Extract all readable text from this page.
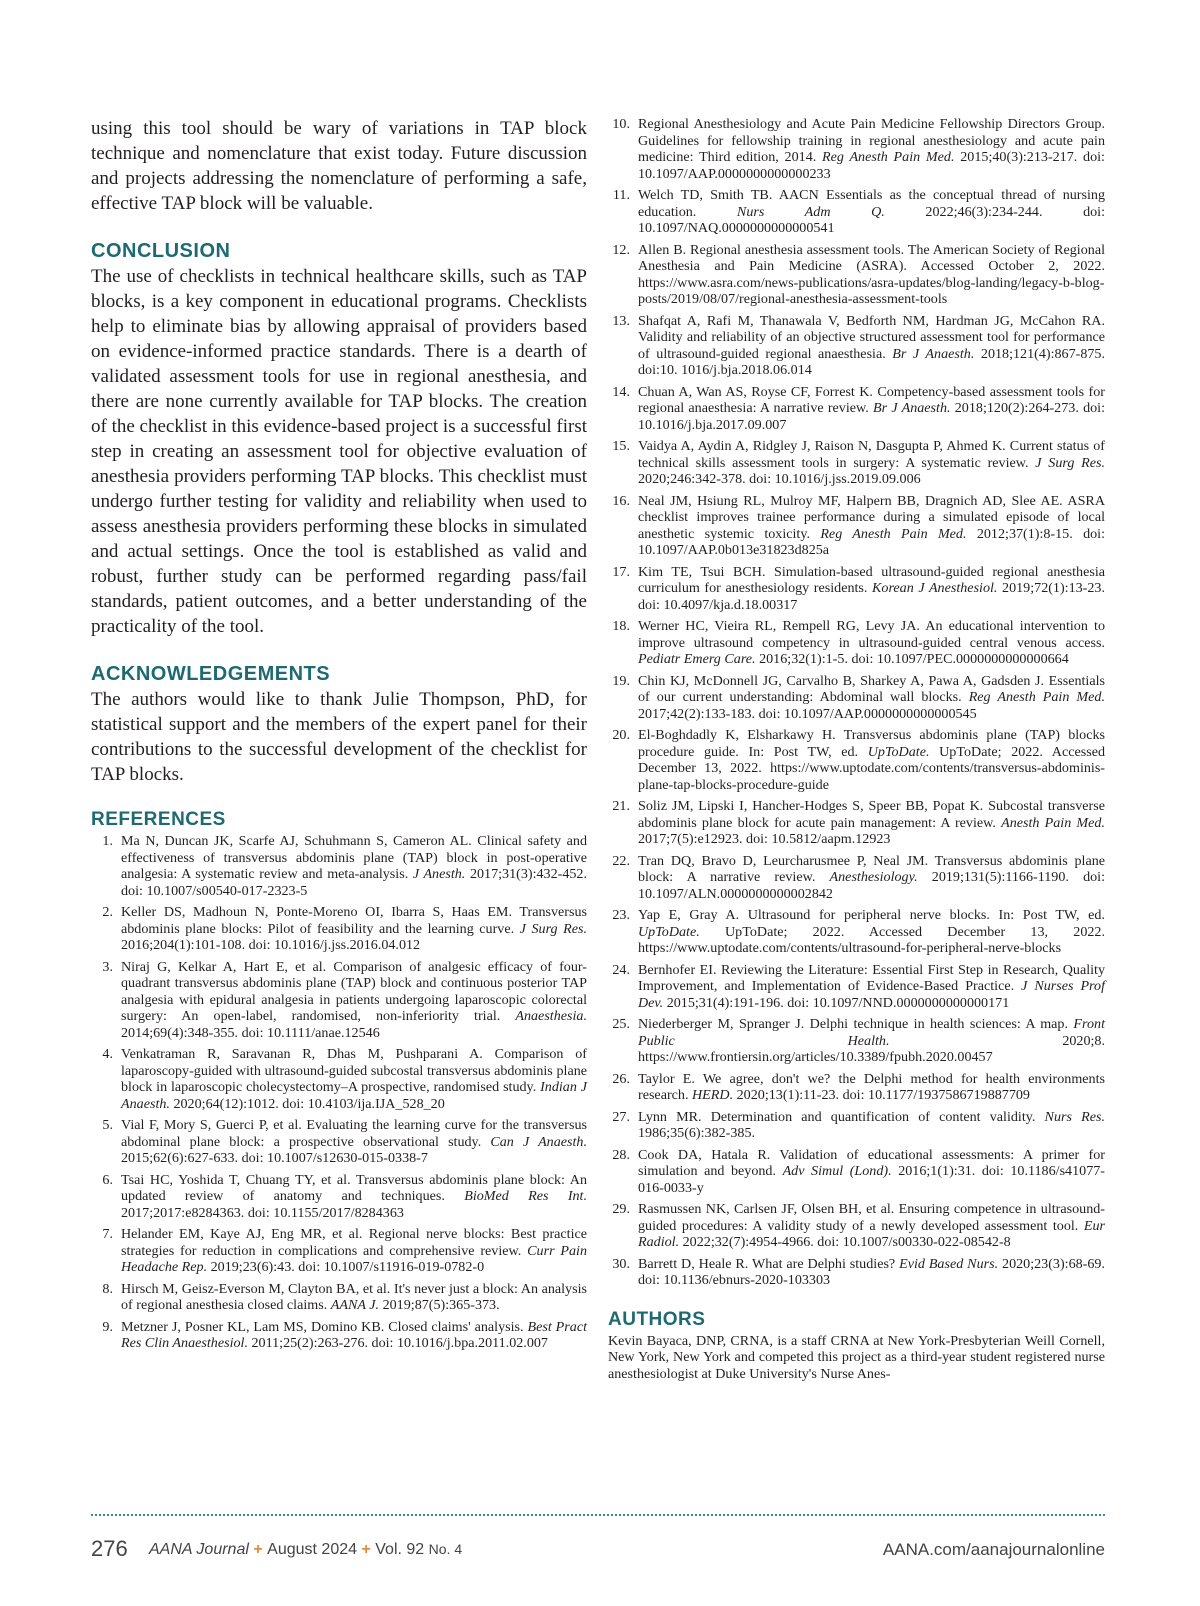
using this tool should be wary of variations in TAP block technique and nomenclature that exist today. Future discussion and projects addressing the nomenclature of performing a safe, effective TAP block will be valuable.

CONCLUSION

The use of checklists in technical healthcare skills, such as TAP blocks, is a key component in educational programs. Checklists help to eliminate bias by allowing appraisal of providers based on evidence-informed practice standards. There is a dearth of validated assessment tools for use in regional anesthesia, and there are none currently available for TAP blocks. The creation of the checklist in this evidence-based project is a successful first step in creating an assessment tool for objective evaluation of anesthesia providers performing TAP blocks. This checklist must undergo further testing for validity and reliability when used to assess anesthesia providers performing these blocks in simulated and actual settings. Once the tool is established as valid and robust, further study can be performed regarding pass/fail standards, patient outcomes, and a better understanding of the practicality of the tool.

ACKNOWLEDGEMENTS

The authors would like to thank Julie Thompson, PhD, for statistical support and the members of the expert panel for their contributions to the successful development of the checklist for TAP blocks.

REFERENCES
1. Ma N, Duncan JK, Scarfe AJ, Schuhmann S, Cameron AL. Clinical safety and effectiveness of transversus abdominis plane (TAP) block in post-operative analgesia: A systematic review and meta-analysis. J Anesth. 2017;31(3):432-452. doi: 10.1007/s00540-017-2323-5
2. Keller DS, Madhoun N, Ponte-Moreno OI, Ibarra S, Haas EM. Transversus abdominis plane blocks: Pilot of feasibility and the learning curve. J Surg Res. 2016;204(1):101-108. doi: 10.1016/j.jss.2016.04.012
3. Niraj G, Kelkar A, Hart E, et al. Comparison of analgesic efficacy of four-quadrant transversus abdominis plane (TAP) block and continuous posterior TAP analgesia with epidural analgesia in patients undergoing laparoscopic colorectal surgery: An open-label, randomised, non-inferiority trial. Anaesthesia. 2014;69(4):348-355. doi: 10.1111/anae.12546
4. Venkatraman R, Saravanan R, Dhas M, Pushparani A. Comparison of laparoscopy-guided with ultrasound-guided subcostal transversus abdominis plane block in laparoscopic cholecystectomy–A prospective, randomised study. Indian J Anaesth. 2020;64(12):1012. doi: 10.4103/ija.IJA_528_20
5. Vial F, Mory S, Guerci P, et al. Evaluating the learning curve for the transversus abdominal plane block: a prospective observational study. Can J Anaesth. 2015;62(6):627-633. doi: 10.1007/s12630-015-0338-7
6. Tsai HC, Yoshida T, Chuang TY, et al. Transversus abdominis plane block: An updated review of anatomy and techniques. BioMed Res Int. 2017;2017:e8284363. doi: 10.1155/2017/8284363
7. Helander EM, Kaye AJ, Eng MR, et al. Regional nerve blocks: Best practice strategies for reduction in complications and comprehensive review. Curr Pain Headache Rep. 2019;23(6):43. doi: 10.1007/s11916-019-0782-0
8. Hirsch M, Geisz-Everson M, Clayton BA, et al. It's never just a block: An analysis of regional anesthesia closed claims. AANA J. 2019;87(5):365-373.
9. Metzner J, Posner KL, Lam MS, Domino KB. Closed claims' analysis. Best Pract Res Clin Anaesthesiol. 2011;25(2):263-276. doi: 10.1016/j.bpa.2011.02.007
10. Regional Anesthesiology and Acute Pain Medicine Fellowship Directors Group. Guidelines for fellowship training in regional anesthesiology and acute pain medicine: Third edition, 2014. Reg Anesth Pain Med. 2015;40(3):213-217. doi: 10.1097/AAP.0000000000000233
11. Welch TD, Smith TB. AACN Essentials as the conceptual thread of nursing education. Nurs Adm Q. 2022;46(3):234-244. doi: 10.1097/NAQ.0000000000000541
12. Allen B. Regional anesthesia assessment tools. The American Society of Regional Anesthesia and Pain Medicine (ASRA). Accessed October 2, 2022. https://www.asra.com/news-publications/asra-updates/blog-landing/legacy-b-blog-posts/2019/08/07/regional-anesthesia-assessment-tools
13. Shafqat A, Rafi M, Thanawala V, Bedforth NM, Hardman JG, McCahon RA. Validity and reliability of an objective structured assessment tool for performance of ultrasound-guided regional anaesthesia. Br J Anaesth. 2018;121(4):867-875. doi:10. 1016/j.bja.2018.06.014
14. Chuan A, Wan AS, Royse CF, Forrest K. Competency-based assessment tools for regional anaesthesia: A narrative review. Br J Anaesth. 2018;120(2):264-273. doi: 10.1016/j.bja.2017.09.007
15. Vaidya A, Aydin A, Ridgley J, Raison N, Dasgupta P, Ahmed K. Current status of technical skills assessment tools in surgery: A systematic review. J Surg Res. 2020;246:342-378. doi: 10.1016/j.jss.2019.09.006
16. Neal JM, Hsiung RL, Mulroy MF, Halpern BB, Dragnich AD, Slee AE. ASRA checklist improves trainee performance during a simulated episode of local anesthetic systemic toxicity. Reg Anesth Pain Med. 2012;37(1):8-15. doi: 10.1097/AAP.0b013e31823d825a
17. Kim TE, Tsui BCH. Simulation-based ultrasound-guided regional anesthesia curriculum for anesthesiology residents. Korean J Anesthesiol. 2019;72(1):13-23. doi: 10.4097/kja.d.18.00317
18. Werner HC, Vieira RL, Rempell RG, Levy JA. An educational intervention to improve ultrasound competency in ultrasound-guided central venous access. Pediatr Emerg Care. 2016;32(1):1-5. doi: 10.1097/PEC.0000000000000664
19. Chin KJ, McDonnell JG, Carvalho B, Sharkey A, Pawa A, Gadsden J. Essentials of our current understanding: Abdominal wall blocks. Reg Anesth Pain Med. 2017;42(2):133-183. doi: 10.1097/AAP.0000000000000545
20. El-Boghdadly K, Elsharkawy H. Transversus abdominis plane (TAP) blocks procedure guide. In: Post TW, ed. UpToDate. UpToDate; 2022. Accessed December 13, 2022. https://www.uptodate.com/contents/transversus-abdominis-plane-tap-blocks-procedure-guide
21. Soliz JM, Lipski I, Hancher-Hodges S, Speer BB, Popat K. Subcostal transverse abdominis plane block for acute pain management: A review. Anesth Pain Med. 2017;7(5):e12923. doi: 10.5812/aapm.12923
22. Tran DQ, Bravo D, Leurcharusmee P, Neal JM. Transversus abdominis plane block: A narrative review. Anesthesiology. 2019;131(5):1166-1190. doi: 10.1097/ALN.0000000000002842
23. Yap E, Gray A. Ultrasound for peripheral nerve blocks. In: Post TW, ed. UpToDate. UpToDate; 2022. Accessed December 13, 2022. https://www.uptodate.com/contents/ultrasound-for-peripheral-nerve-blocks
24. Bernhofer EI. Reviewing the Literature: Essential First Step in Research, Quality Improvement, and Implementation of Evidence-Based Practice. J Nurses Prof Dev. 2015;31(4):191-196. doi: 10.1097/NND.0000000000000171
25. Niederberger M, Spranger J. Delphi technique in health sciences: A map. Front Public Health. 2020;8. https://www.frontiersin.org/articles/10.3389/fpubh.2020.00457
26. Taylor E. We agree, don't we? the Delphi method for health environments research. HERD. 2020;13(1):11-23. doi: 10.1177/1937586719887709
27. Lynn MR. Determination and quantification of content validity. Nurs Res. 1986;35(6):382-385.
28. Cook DA, Hatala R. Validation of educational assessments: A primer for simulation and beyond. Adv Simul (Lond). 2016;1(1):31. doi: 10.1186/s41077-016-0033-y
29. Rasmussen NK, Carlsen JF, Olsen BH, et al. Ensuring competence in ultrasound-guided procedures: A validity study of a newly developed assessment tool. Eur Radiol. 2022;32(7):4954-4966. doi: 10.1007/s00330-022-08542-8
30. Barrett D, Heale R. What are Delphi studies? Evid Based Nurs. 2020;23(3):68-69. doi: 10.1136/ebnurs-2020-103303
AUTHORS

Kevin Bayaca, DNP, CRNA, is a staff CRNA at New York-Presbyterian Weill Cornell, New York, New York and competed this project as a third-year student registered nurse anesthesiologist at Duke University's Nurse Anes-

276 AANA Journal + August 2024 + Vol. 92 No. 4	AANA.com/aanajournalonline
